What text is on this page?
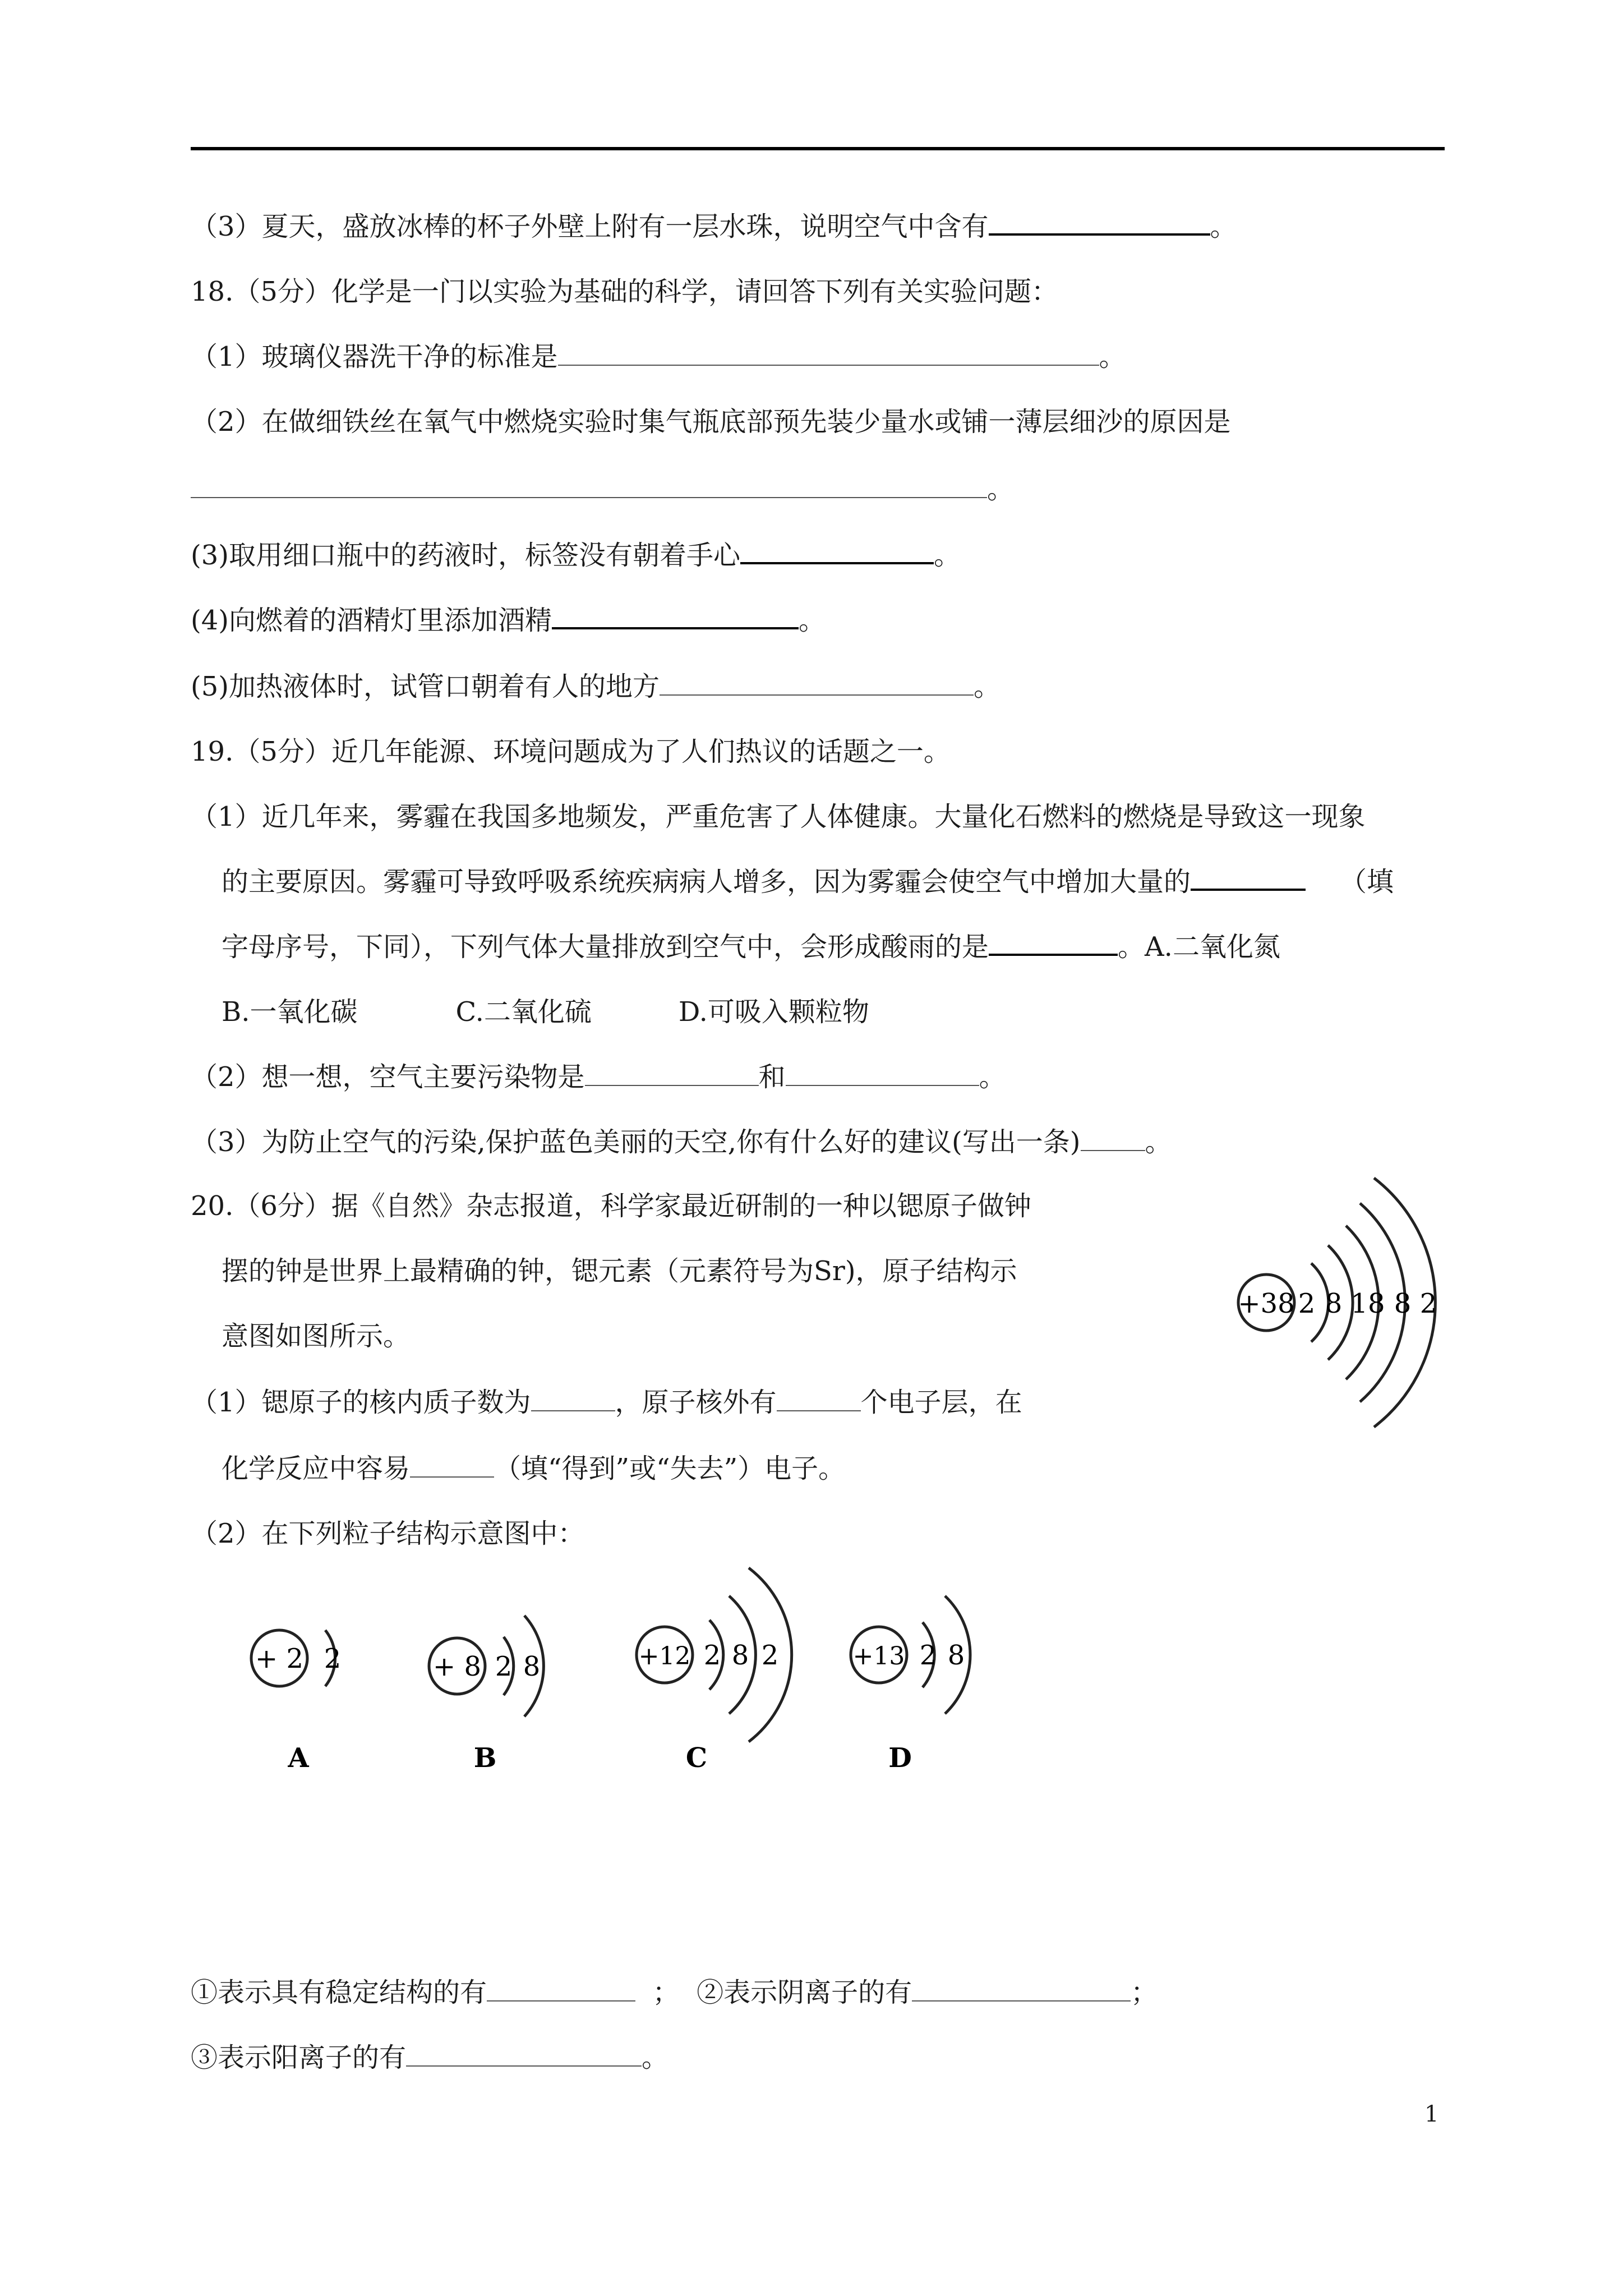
（3）夏天，盛放冰棒的杯子外壁上附有一层水珠，说明空气中含有	。
18.（5分）化学是一门以实验为基础的科学，请回答下列有关实验问题：
（1）玻璃仪器洗干净的标准是	。
（2）在做细铁丝在氧气中燃烧实验时集气瓶底部预先装少量水或铺一薄层细沙的原因是
。
(3)取用细口瓶中的药液时，标签没有朝着手心	。
(4)向燃着的酒精灯里添加酒精	。
(5)加热液体时，试管口朝着有人的地方	。
19.（5分）近几年能源、环境问题成为了人们热议的话题之一。
（1）近几年来，雾霾在我国多地频发，严重危害了人体健康。大量化石燃料的燃烧是导致这一现象
的主要原因。雾霾可导致呼吸系统疾病病人增多，因为雾霾会使空气中增加大量的	（填
字母序号，下同），下列气体大量排放到空气中，会形成酸雨的是	。A.二氧化氮
B.一氧化碳	C.二氧化硫	D.可吸入颗粒物
（2）想一想，空气主要污染物是	和	。
（3）为防止空气的污染,保护蓝色美丽的天空,你有什么好的建议(写出一条) 。
20.（6分）据《自然》杂志报道，科学家最近研制的一种以锶原子做钟
摆的钟是世界上最精确的钟，锶元素（元素符号为Sr)，原子结构示
意图如图所示。
（1）锶原子的核内质子数为	，原子核外有	个电子层，在
化学反应中容易	（填“得到”或“失去”）电子。
（2）在下列粒子结构示意图中：
+38 2 8 18 8 2
+ 2 2
A
+ 8 2 8
B
+12 2 8 2
C
+13 2 8
D
①表示具有稳定结构的有	； ②表示阴离子的有	；
③表示阳离子的有	。
1
